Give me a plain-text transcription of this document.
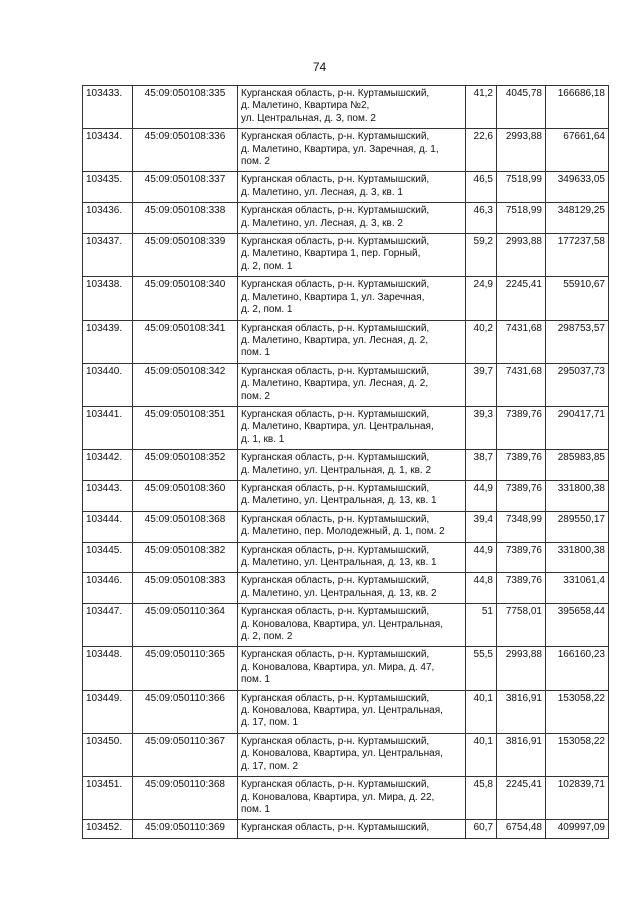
74
103433.	45:09:050108:335	Курганская область, р-н. Куртамышский,
д. Малетино, Квартира №2,
ул. Центральная, д. 3, пом. 2	41,2	4045,78	166686,18
103434.	45:09:050108:336	Курганская область, р-н. Куртамышский,
д. Малетино, Квартира, ул. Заречная, д. 1,
пом. 2	22,6	2993,88	67661,64
103435.	45:09:050108:337	Курганская область, р-н. Куртамышский,
д. Малетино, ул. Лесная, д. 3, кв. 1	46,5	7518,99	349633,05
103436.	45:09:050108:338	Курганская область, р-н. Куртамышский,
д. Малетино, ул. Лесная, д. 3, кв. 2	46,3	7518,99	348129,25
103437.	45:09:050108:339	Курганская область, р-н. Куртамышский,
д. Малетино, Квартира 1, пер. Горный,
д. 2, пом. 1	59,2	2993,88	177237,58
103438.	45:09:050108:340	Курганская область, р-н. Куртамышский,
д. Малетино, Квартира 1, ул. Заречная,
д. 2, пом. 1	24,9	2245,41	55910,67
103439.	45:09:050108:341	Курганская область, р-н. Куртамышский,
д. Малетино, Квартира, ул. Лесная, д. 2,
пом. 1	40,2	7431,68	298753,57
103440.	45:09:050108:342	Курганская область, р-н. Куртамышский,
д. Малетино, Квартира, ул. Лесная, д. 2,
пом. 2	39,7	7431,68	295037,73
103441.	45:09:050108:351	Курганская область, р-н. Куртамышский,
д. Малетино, Квартира, ул. Центральная,
д. 1, кв. 1	39,3	7389,76	290417,71
103442.	45:09:050108:352	Курганская область, р-н. Куртамышский,
д. Малетино, ул. Центральная, д. 1, кв. 2	38,7	7389,76	285983,85
103443.	45:09:050108:360	Курганская область, р-н. Куртамышский,
д. Малетино, ул. Центральная, д. 13, кв. 1	44,9	7389,76	331800,38
103444.	45:09:050108:368	Курганская область, р-н. Куртамышский,
д. Малетино, пер. Молодежный, д. 1, пом. 2	39,4	7348,99	289550,17
103445.	45:09:050108:382	Курганская область, р-н. Куртамышский,
д. Малетино, ул. Центральная, д. 13, кв. 1	44,9	7389,76	331800,38
103446.	45:09:050108:383	Курганская область, р-н. Куртамышский,
д. Малетино, ул. Центральная, д. 13, кв. 2	44,8	7389,76	331061,4
103447.	45:09:050110:364	Курганская область, р-н. Куртамышский,
д. Коновалова, Квартира, ул. Центральная,
д. 2, пом. 2	51	7758,01	395658,44
103448.	45:09:050110:365	Курганская область, р-н. Куртамышский,
д. Коновалова, Квартира, ул. Мира, д. 47,
пом. 1	55,5	2993,88	166160,23
103449.	45:09:050110:366	Курганская область, р-н. Куртамышский,
д. Коновалова, Квартира, ул. Центральная,
д. 17, пом. 1	40,1	3816,91	153058,22
103450.	45:09:050110:367	Курганская область, р-н. Куртамышский,
д. Коновалова, Квартира, ул. Центральная,
д. 17, пом. 2	40,1	3816,91	153058,22
103451.	45:09:050110:368	Курганская область, р-н. Куртамышский,
д. Коновалова, Квартира, ул. Мира, д. 22,
пом. 1	45,8	2245,41	102839,71
103452.	45:09:050110:369	Курганская область, р-н. Куртамышский,	60,7	6754,48	409997,09
